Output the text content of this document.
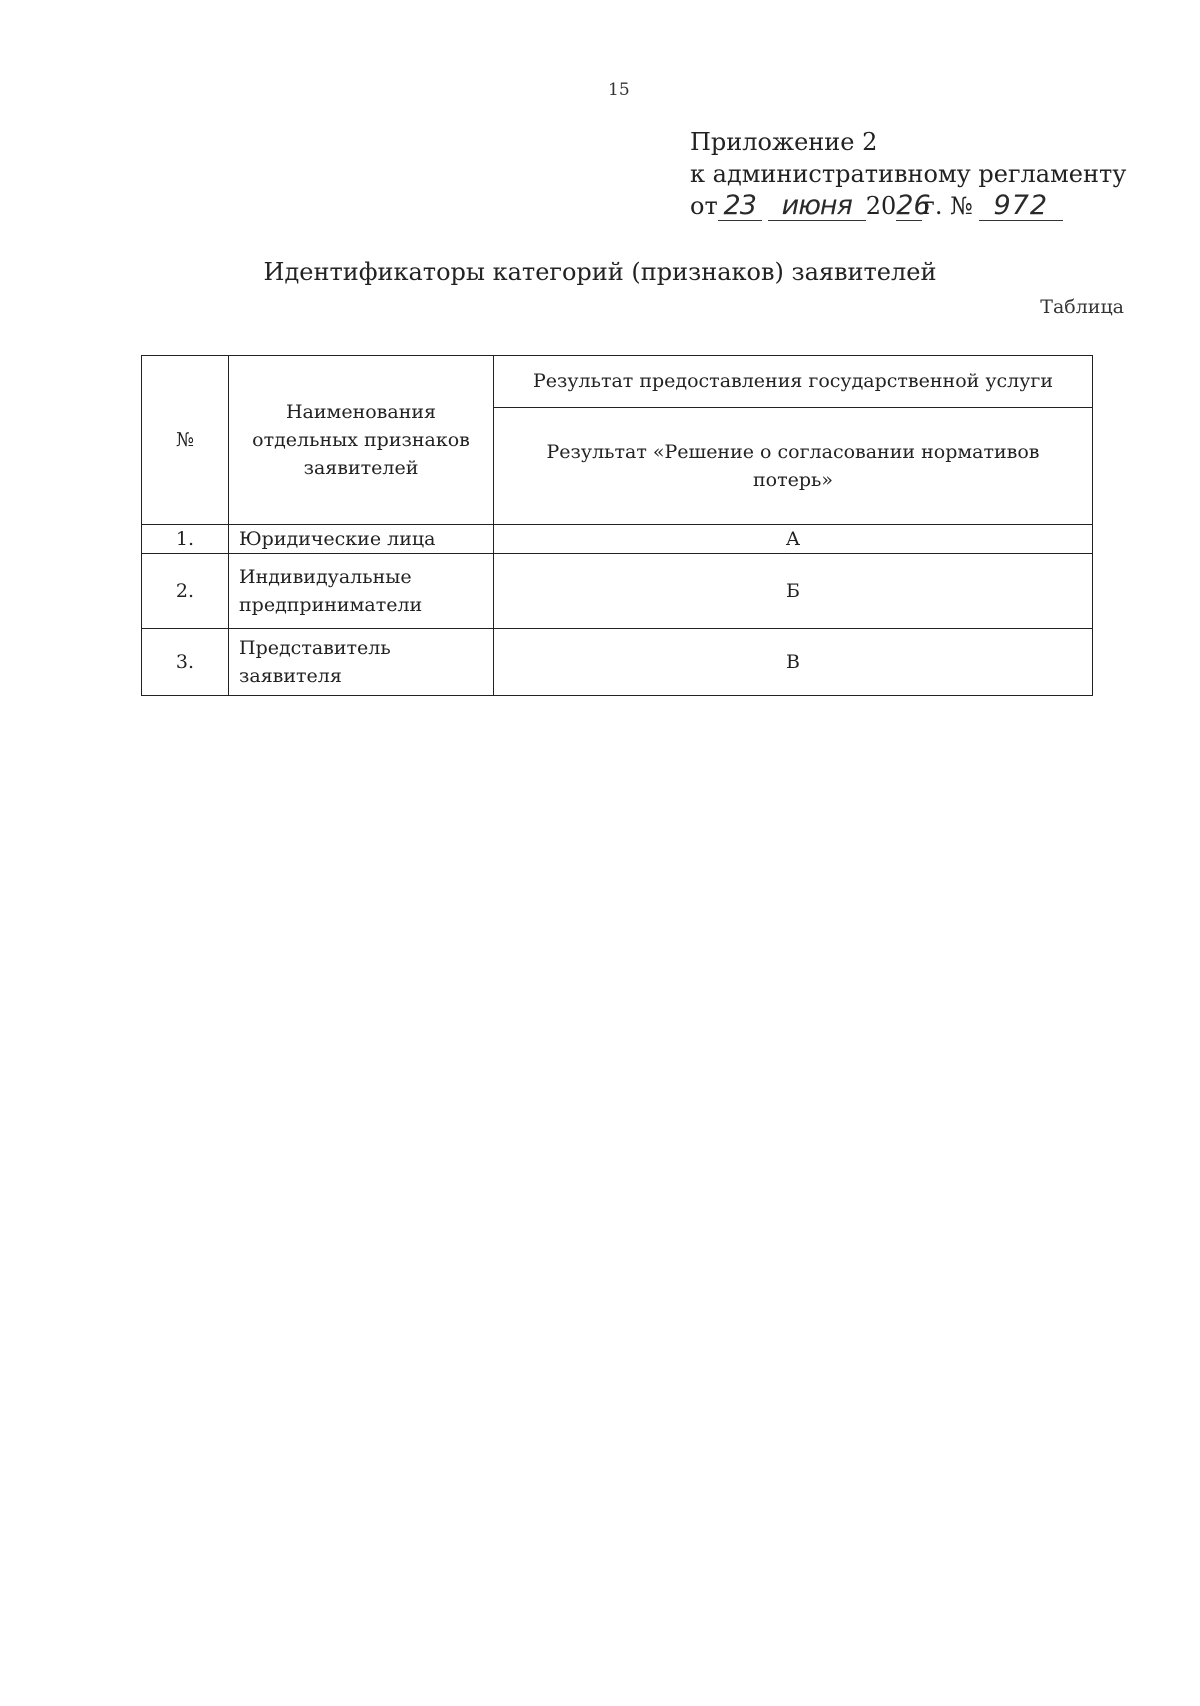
15
Приложение 2
к административному регламенту
от 23 июня 2026г. № 972
Идентификаторы категорий (признаков) заявителей
Таблица
№	Наименования отдельных признаков заявителей	Результат предоставления государственной услуги
		Результат «Решение о согласовании нормативов потерь»
1.	Юридические лица	А
2.	Индивидуальные предприниматели	Б
3.	Представитель заявителя	В
